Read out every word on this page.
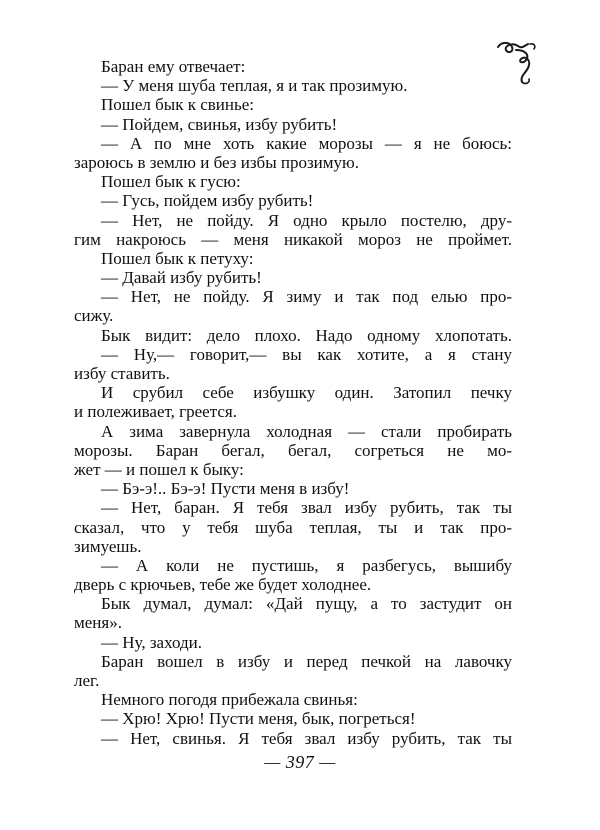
Баран ему отвечает:
— У меня шуба теплая, я и так прозимую.
Пошел бык к свинье:
— Пойдем, свинья, избу рубить!
— А по мне хоть какие морозы — я не боюсь:
зароюсь в землю и без избы прозимую.
Пошел бык к гусю:
— Гусь, пойдем избу рубить!
— Нет, не пойду. Я одно крыло постелю, дру-
гим накроюсь — меня никакой мороз не проймет.
Пошел бык к петуху:
— Давай избу рубить!
— Нет, не пойду. Я зиму и так под елью про-
сижу.
Бык видит: дело плохо. Надо одному хлопотать.
— Ну,— говорит,— вы как хотите, а я стану
избу ставить.
И срубил себе избушку один. Затопил печку
и полеживает, греется.
А зима завернула холодная — стали пробирать
морозы. Баран бегал, бегал, согреться не мо-
жет — и пошел к быку:
— Бэ-э!.. Бэ-э! Пусти меня в избу!
— Нет, баран. Я тебя звал избу рубить, так ты
сказал, что у тебя шуба теплая, ты и так про-
зимуешь.
— А коли не пустишь, я разбегусь, вышибу
дверь с крючьев, тебе же будет холоднее.
Бык думал, думал: «Дай пущу, а то застудит он
меня».
— Ну, заходи.
Баран вошел в избу и перед печкой на лавочку
лег.
Немного погодя прибежала свинья:
— Хрю! Хрю! Пусти меня, бык, погреться!
— Нет, свинья. Я тебя звал избу рубить, так ты
— 397 —
